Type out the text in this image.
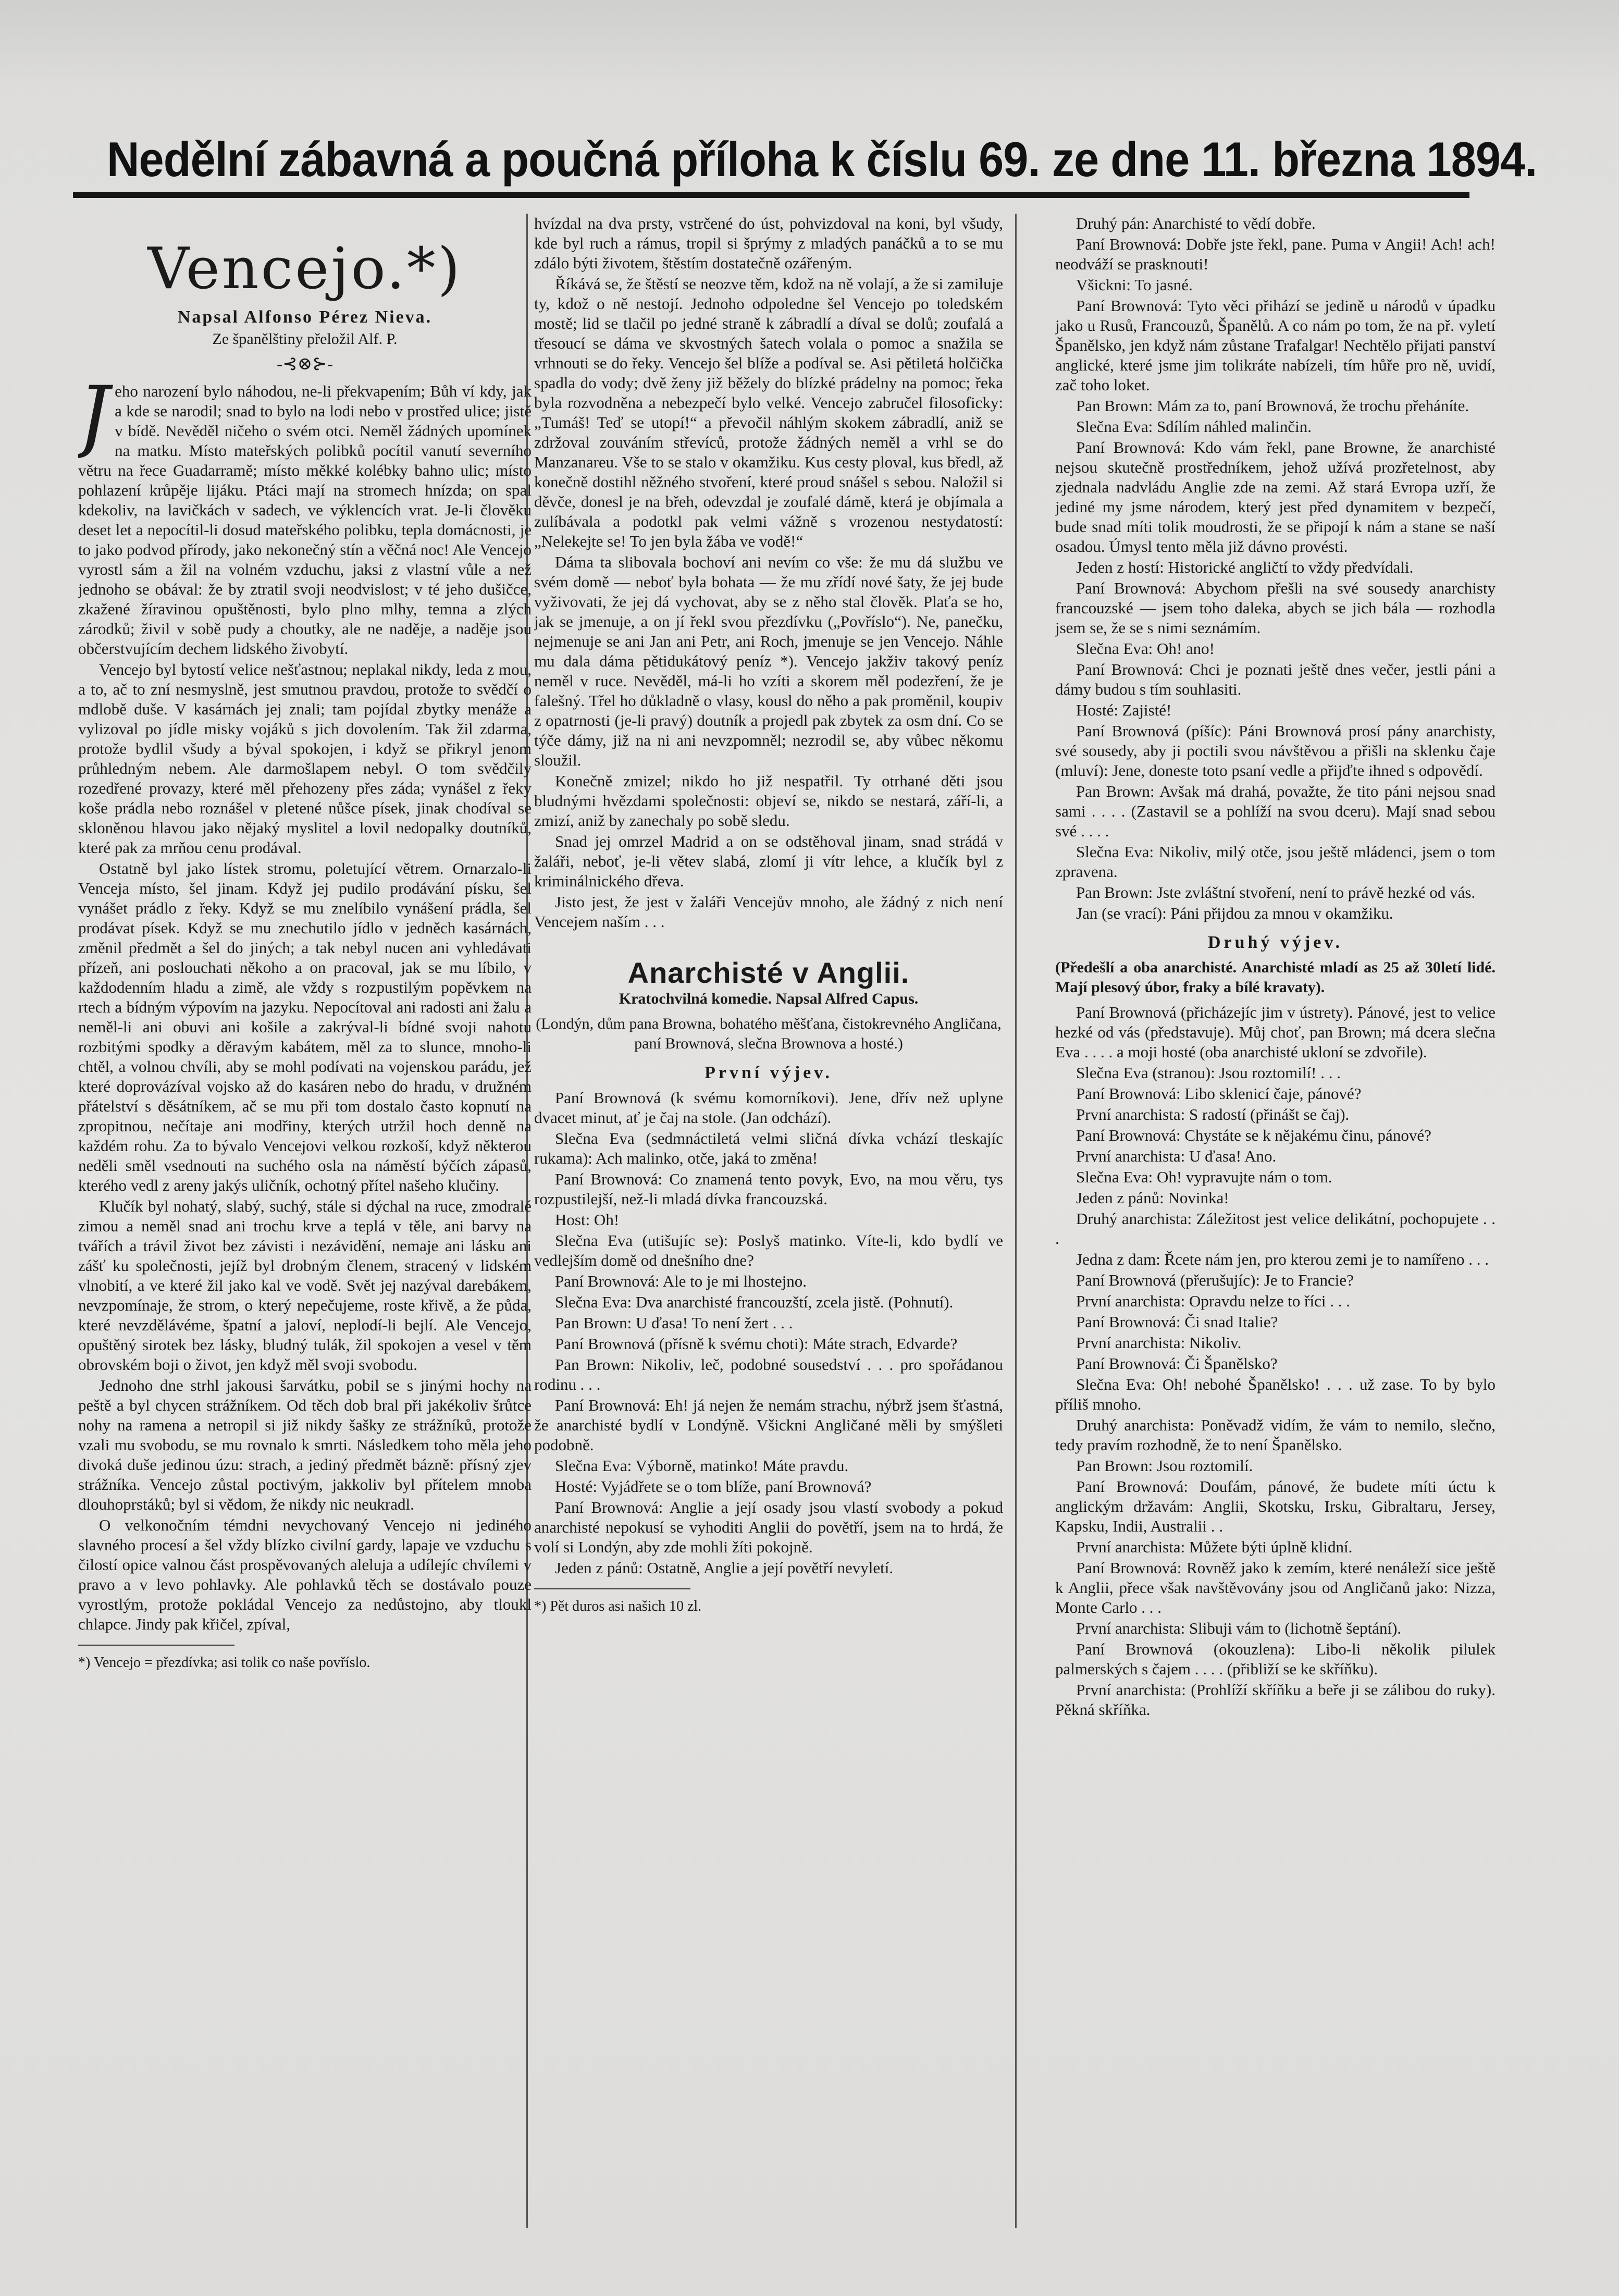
Nedělní zábavná a poučná příloha k číslu 69. ze dne 11. března 1894.
Vencejo.*)

Napsal Alfonso Pérez Nieva.

Ze španělštiny přeložil Alf. P.

-⊰⊗⊱-

Jeho narození bylo náhodou, ne-li překvapením; Bůh ví kdy, jak a kde se narodil; snad to bylo na lodi nebo v prostřed ulice; jistě v bídě. Nevěděl ničeho o svém otci. Neměl žádných upomínek na matku. Místo mateřských polibků pocítil vanutí severního větru na řece Guadarramě; místo měkké kolébky bahno ulic; místo pohlazení krůpěje lijáku. Ptáci mají na stromech hnízda; on spal kdekoliv, na lavičkách v sadech, ve výklencích vrat. Je-li člověku deset let a nepocítil-li dosud mateřského polibku, tepla domácnosti, je to jako podvod přírody, jako nekonečný stín a věčná noc! Ale Vencejo vyrostl sám a žil na volném vzduchu, jaksi z vlastní vůle a než jednoho se obával: že by ztratil svoji neodvislost; v té jeho dušičce, zkažené žíravinou opuštěnosti, bylo plno mlhy, temna a zlých zárodků; živil v sobě pudy a choutky, ale ne naděje, a naděje jsou občerstvujícím dechem lidského živobytí.

Vencejo byl bytostí velice nešťastnou; neplakal nikdy, leda z mou, a to, ač to zní nesmyslně, jest smutnou pravdou, protože to svědčí o mdlobě duše. V kasárnách jej znali; tam pojídal zbytky menáže a vylizoval po jídle misky vojáků s jich dovolením. Tak žil zdarma, protože bydlil všudy a býval spokojen, i když se přikryl jenom průhledným nebem. Ale darmošlapem nebyl. O tom svědčily rozedřené provazy, které měl přehozeny přes záda; vynášel z řeky koše prádla nebo roznášel v pletené nůšce písek, jinak chodíval se skloněnou hlavou jako nějaký myslitel a lovil nedopalky doutníků, které pak za mrňou cenu prodával.

Ostatně byl jako lístek stromu, poletující větrem. Ornarzalo-li Venceja místo, šel jinam. Když jej pudilo prodávání písku, šel vynášet prádlo z řeky. Když se mu znelíbilo vynášení prádla, šel prodávat písek. Když se mu znechutilo jídlo v jedněch kasárnách, změnil předmět a šel do jiných; a tak nebyl nucen ani vyhledávati přízeň, ani poslouchati někoho a on pracoval, jak se mu líbilo, v každodenním hladu a zimě, ale vždy s rozpustilým popěvkem na rtech a bídným výpovím na jazyku. Nepocítoval ani radosti ani žalu a neměl-li ani obuvi ani košile a zakrýval-li bídné svoji nahotu rozbitými spodky a děravým kabátem, měl za to slunce, mnoho-li chtěl, a volnou chvíli, aby se mohl podívati na vojenskou parádu, jež které doprovázíval vojsko až do kasáren nebo do hradu, v družném přátelství s děsátníkem, ač se mu při tom dostalo často kopnutí na zpropitnou, nečítaje ani modřiny, kterých utržil hoch denně na každém rohu. Za to bývalo Vencejovi velkou rozkoší, když některou neděli směl vsednouti na suchého osla na náměstí býčích zápasů, kterého vedl z areny jakýs uličník, ochotný přítel našeho klučiny.

Klučík byl nohatý, slabý, suchý, stále si dýchal na ruce, zmodralé zimou a neměl snad ani trochu krve a teplá v těle, ani barvy na tvářích a trávil život bez závisti i nezávidění, nemaje ani lásku ani zášť ku společnosti, jejíž byl drobným členem, stracený v lidském vlnobití, a ve které žil jako kal ve vodě. Svět jej nazýval darebákem, nevzpomínaje, že strom, o který nepečujeme, roste křivě, a že půda, které nevzdělávéme, špatní a jaloví, neplodí-li bejlí. Ale Vencejo, opuštěný sirotek bez lásky, bludný tulák, žil spokojen a vesel v těm obrovském boji o život, jen když měl svoji svobodu.

Jednoho dne strhl jakousi šarvátku, pobil se s jinými hochy na peště a byl chycen strážníkem. Od těch dob bral při jakékoliv šrůtce nohy na ramena a netropil si již nikdy šašky ze strážníků, protože vzali mu svobodu, se mu rovnalo k smrti. Následkem toho měla jeho divoká duše jedinou úzu: strach, a jediný předmět bázně: přísný zjev strážníka. Vencejo zůstal poctivým, jakkoliv byl přítelem mnoba dlouhoprstáků; byl si vědom, že nikdy nic neukradl.

O velkonočním témdni nevychovaný Vencejo ni jediného slavného procesí a šel vždy blízko civilní gardy, lapaje ve vzduchu s čilostí opice valnou část prospěvovaných aleluja a udílejíc chvílemi v pravo a v levo pohlavky. Ale pohlavků těch se dostávalo pouze vyrostlým, protože pokládal Vencejo za nedůstojno, aby tloukl chlapce. Jindy pak křičel, zpíval,

*) Vencejo = přezdívka; asi tolik co naše povříslo.

hvízdal na dva prsty, vstrčené do úst, pohvizdoval na koni, byl všudy, kde byl ruch a rámus, tropil si šprýmy z mladých panáčků a to se mu zdálo býti životem, štěstím dostatečně ozářeným.

Říkává se, že štěstí se neozve těm, kdož na ně volají, a že si zamiluje ty, kdož o ně nestojí. Jednoho odpoledne šel Vencejo po toledském mostě; lid se tlačil po jedné straně k zábradlí a díval se dolů; zoufalá a třesoucí se dáma ve skvostných šatech volala o pomoc a snažila se vrhnouti se do řeky. Vencejo šel blíže a podíval se. Asi pětiletá holčička spadla do vody; dvě ženy již běžely do blízké prádelny na pomoc; řeka byla rozvodněna a nebezpečí bylo velké. Vencejo zabručel filosoficky: „Tumáš! Teď se utopí!“ a převočil náhlým skokem zábradlí, aniž se zdržoval zouváním střevíců, protože žádných neměl a vrhl se do Manzanareu. Vše to se stalo v okamžiku. Kus cesty ploval, kus bředl, až konečně dostihl něžného stvoření, které proud snášel s sebou. Naložil si děvče, donesl je na břeh, odevzdal je zoufalé dámě, která je objímala a zulíbávala a podotkl pak velmi vážně s vrozenou nestydatostí: „Nelekejte se! To jen byla žába ve vodě!“

Dáma ta slibovala bochoví ani nevím co vše: že mu dá službu ve svém domě — neboť byla bohata — že mu zřídí nové šaty, že jej bude vyživovati, že jej dá vychovat, aby se z něho stal člověk. Plaťa se ho, jak se jmenuje, a on jí řekl svou přezdívku („Povříslo“). Ne, panečku, nejmenuje se ani Jan ani Petr, ani Roch, jmenuje se jen Vencejo. Náhle mu dala dáma pětidukátový peníz *). Vencejo jakživ takový peníz neměl v ruce. Nevěděl, má-li ho vzíti a skorem měl podezření, že je falešný. Třel ho důkladně o vlasy, kousl do něho a pak proměnil, koupiv z opatrnosti (je-li pravý) doutník a projedl pak zbytek za osm dní. Co se týče dámy, již na ni ani nevzpomněl; nezrodil se, aby vůbec někomu sloužil.

Konečně zmizel; nikdo ho již nespatřil. Ty otrhané děti jsou bludnými hvězdami společnosti: objeví se, nikdo se nestará, září-li, a zmizí, aniž by zanechaly po sobě sledu.

Snad jej omrzel Madrid a on se odstěhoval jinam, snad strádá v žaláři, neboť, je-li větev slabá, zlomí ji vítr lehce, a klučík byl z kriminálnického dřeva.

Jisto jest, že jest v žaláři Vencejův mnoho, ale žádný z nich není Vencejem naším . . .

Anarchisté v Anglii.

Kratochvilná komedie. Napsal Alfred Capus.

(Londýn, dům pana Browna, bohatého měšťana, čistokrevného Angličana, paní Brownová, slečna Brownova a hosté.)

První výjev.

Paní Brownová (k svému komorníkovi). Jene, dřív než uplyne dvacet minut, ať je čaj na stole. (Jan odchází).

Slečna Eva (sedmnáctiletá velmi sličná dívka vchází tleskajíc rukama): Ach malinko, otče, jaká to změna!

Paní Brownová: Co znamená tento povyk, Evo, na mou věru, tys rozpustilejší, než-li mladá dívka francouzská.

Host: Oh!

Slečna Eva (utišujíc se): Poslyš matinko. Víte-li, kdo bydlí ve vedlejším domě od dnešního dne?

Paní Brownová: Ale to je mi lhostejno.

Slečna Eva: Dva anarchisté francouzští, zcela jistě. (Pohnutí).

Pan Brown: U ďasa! To není žert . . .

Paní Brownová (přísně k svému choti): Máte strach, Edvarde?

Pan Brown: Nikoliv, leč, podobné sousedství . . . pro spořádanou rodinu . . .

Paní Brownová: Eh! já nejen že nemám strachu, nýbrž jsem šťastná, že anarchisté bydlí v Londýně. Všickni Angličané měli by smýšleti podobně.

Slečna Eva: Výborně, matinko! Máte pravdu.

Hosté: Vyjádřete se o tom blíže, paní Brownová?

Paní Brownová: Anglie a její osady jsou vlastí svobody a pokud anarchisté nepokusí se vyhoditi Anglii do povětří, jsem na to hrdá, že volí si Londýn, aby zde mohli žíti pokojně.

Jeden z pánů: Ostatně, Anglie a její povětří nevyletí.

*) Pět duros asi našich 10 zl.

Druhý pán: Anarchisté to vědí dobře.

Paní Brownová: Dobře jste řekl, pane. Puma v Angii! Ach! ach! neodváží se prasknouti!

Všickni: To jasné.

Paní Brownová: Tyto věci přihází se jedině u národů v úpadku jako u Rusů, Francouzů, Španělů. A co nám po tom, že na př. vyletí Španělsko, jen když nám zůstane Trafalgar! Nechtělo přijati panství anglické, které jsme jim tolikráte nabízeli, tím hůře pro ně, uvidí, zač toho loket.

Pan Brown: Mám za to, paní Brownová, že trochu přeháníte.

Slečna Eva: Sdílím náhled malinčin.

Paní Brownová: Kdo vám řekl, pane Browne, že anarchisté nejsou skutečně prostředníkem, jehož užívá prozřetelnost, aby zjednala nadvládu Anglie zde na zemi. Až stará Evropa uzří, že jediné my jsme národem, který jest před dynamitem v bezpečí, bude snad míti tolik moudrosti, že se připojí k nám a stane se naší osadou. Úmysl tento měla již dávno provésti.

Jeden z hostí: Historické angličtí to vždy předvídali.

Paní Brownová: Abychom přešli na své sousedy anarchisty francouzské — jsem toho daleka, abych se jich bála — rozhodla jsem se, že se s nimi seznámím.

Slečna Eva: Oh! ano!

Paní Brownová: Chci je poznati ještě dnes večer, jestli páni a dámy budou s tím souhlasiti.

Hosté: Zajisté!

Paní Brownová (píšíc): Páni Brownová prosí pány anarchisty, své sousedy, aby ji poctili svou návštěvou a přišli na sklenku čaje (mluví): Jene, doneste toto psaní vedle a přijďte ihned s odpovědí.

Pan Brown: Avšak má drahá, považte, že tito páni nejsou snad sami . . . . (Zastavil se a pohlíží na svou dceru). Mají snad sebou své . . . .

Slečna Eva: Nikoliv, milý otče, jsou ještě mládenci, jsem o tom zpravena.

Pan Brown: Jste zvláštní stvoření, není to právě hezké od vás.

Jan (se vrací): Páni přijdou za mnou v okamžiku.

Druhý výjev.

(Předešlí a oba anarchisté. Anarchisté mladí as 25 až 30letí lidé. Mají plesový úbor, fraky a bílé kravaty).

Paní Brownová (přicházejíc jim v ústrety). Pánové, jest to velice hezké od vás (představuje). Můj choť, pan Brown; má dcera slečna Eva . . . . a moji hosté (oba anarchisté ukloní se zdvořile).

Slečna Eva (stranou): Jsou roztomilí! . . .

Paní Brownová: Libo sklenicí čaje, pánové?

První anarchista: S radostí (přinášt se čaj).

Paní Brownová: Chystáte se k nějakému činu, pánové?

První anarchista: U ďasa! Ano.

Slečna Eva: Oh! vypravujte nám o tom.

Jeden z pánů: Novinka!

Druhý anarchista: Záležitost jest velice delikátní, pochopujete . . .

Jedna z dam: Řcete nám jen, pro kterou zemi je to namířeno . . .

Paní Brownová (přerušujíc): Je to Francie?

První anarchista: Opravdu nelze to říci . . .

Paní Brownová: Či snad Italie?

První anarchista: Nikoliv.

Paní Brownová: Či Španělsko?

Slečna Eva: Oh! nebohé Španělsko! . . . už zase. To by bylo příliš mnoho.

Druhý anarchista: Poněvadž vidím, že vám to nemilo, slečno, tedy pravím rozhodně, že to není Španělsko.

Pan Brown: Jsou roztomilí.

Paní Brownová: Doufám, pánové, že budete míti úctu k anglickým državám: Anglii, Skotsku, Irsku, Gibraltaru, Jersey, Kapsku, Indii, Australii . .

První anarchista: Můžete býti úplně klidní.

Paní Brownová: Rovněž jako k zemím, které nenáleží sice ještě k Anglii, přece však navštěvovány jsou od Angličanů jako: Nizza, Monte Carlo . . .

První anarchista: Slibuji vám to (lichotně šeptání).

Paní Brownová (okouzlena): Libo-li několik pilulek palmerských s čajem . . . . (přibliží se ke skříňku).

První anarchista: (Prohlíží skříňku a beře ji se zálibou do ruky). Pěkná skříňka.
